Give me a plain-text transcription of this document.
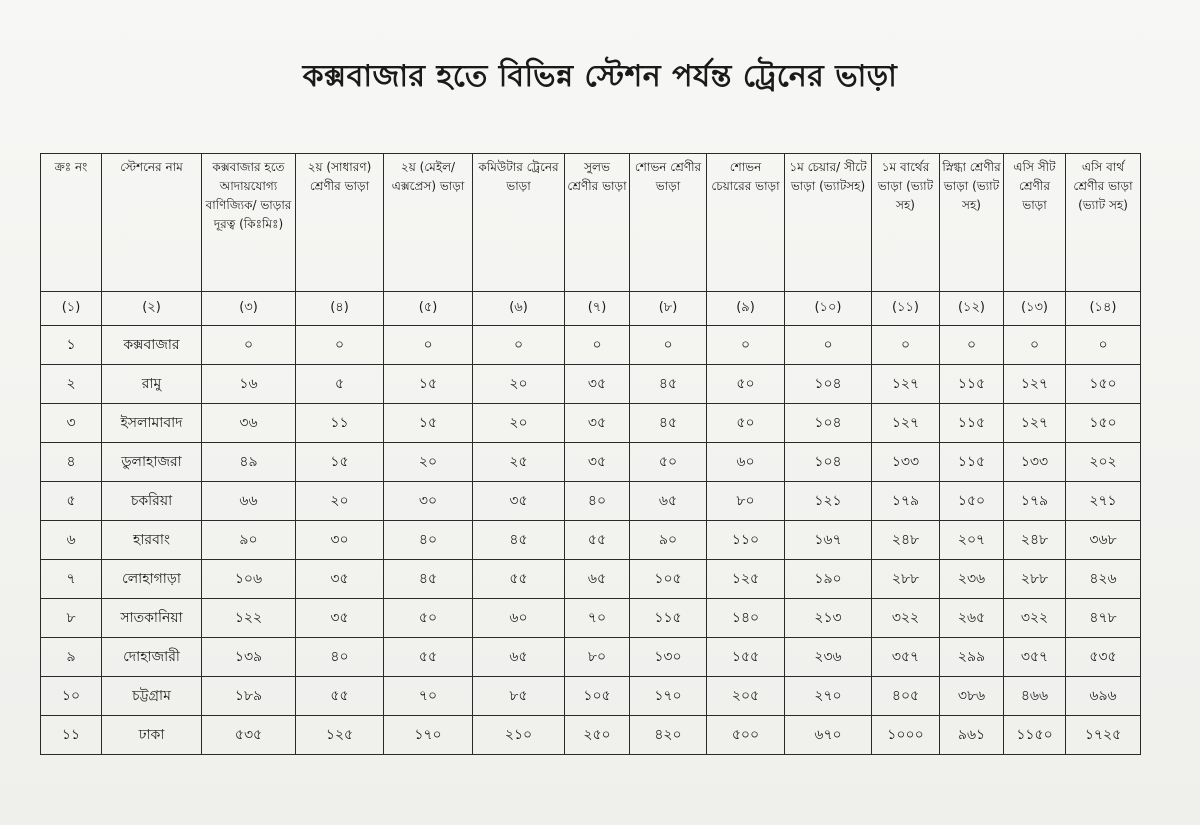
কক্সবাজার হতে বিভিন্ন স্টেশন পর্যন্ত ট্রেনের ভাড়া
ক্রঃ নং	স্টেশনের নাম	কক্সবাজার হতে আদায়যোগ্য বাণিজ্যিক/ ভাড়ার দূরত্ব (কিঃমিঃ)	২য় (সাধারণ) শ্রেণীর ভাড়া	২য় (মেইল/ এক্সপ্রেস) ভাড়া	কমিউটার ট্রেনের ভাড়া	সুলভ শ্রেণীর ভাড়া	শোভন শ্রেণীর ভাড়া	শোভন চেয়ারের ভাড়া	১ম চেয়ার/ সীটে ভাড়া (ভ্যাটসহ)	১ম বার্থের ভাড়া (ভ্যাট সহ)	স্নিগ্ধা শ্রেণীর ভাড়া (ভ্যাট সহ)	এসি সীট শ্রেণীর ভাড়া	এসি বার্থ শ্রেণীর ভাড়া (ভ্যাট সহ)
(১)	(২)	(৩)	(৪)	(৫)	(৬)	(৭)	(৮)	(৯)	(১০)	(১১)	(১২)	(১৩)	(১৪)
১	কক্সবাজার	০	০	০	০	০	০	০	০	০	০	০	০
২	রামু	১৬	৫	১৫	২০	৩৫	৪৫	৫০	১০৪	১২৭	১১৫	১২৭	১৫০
৩	ইসলামাবাদ	৩৬	১১	১৫	২০	৩৫	৪৫	৫০	১০৪	১২৭	১১৫	১২৭	১৫০
৪	ডুলাহাজরা	৪৯	১৫	২০	২৫	৩৫	৫০	৬০	১০৪	১৩৩	১১৫	১৩৩	২০২
৫	চকরিয়া	৬৬	২০	৩০	৩৫	৪০	৬৫	৮০	১২১	১৭৯	১৫০	১৭৯	২৭১
৬	হারবাং	৯০	৩০	৪০	৪৫	৫৫	৯০	১১০	১৬৭	২৪৮	২০৭	২৪৮	৩৬৮
৭	লোহাগাড়া	১০৬	৩৫	৪৫	৫৫	৬৫	১০৫	১২৫	১৯০	২৮৮	২৩৬	২৮৮	৪২৬
৮	সাতকানিয়া	১২২	৩৫	৫০	৬০	৭০	১১৫	১৪০	২১৩	৩২২	২৬৫	৩২২	৪৭৮
৯	দোহাজারী	১৩৯	৪০	৫৫	৬৫	৮০	১৩০	১৫৫	২৩৬	৩৫৭	২৯৯	৩৫৭	৫৩৫
১০	চট্টগ্রাম	১৮৯	৫৫	৭০	৮৫	১০৫	১৭০	২০৫	২৭০	৪০৫	৩৮৬	৪৬৬	৬৯৬
১১	ঢাকা	৫৩৫	১২৫	১৭০	২১০	২৫০	৪২০	৫০০	৬৭০	১০০০	৯৬১	১১৫০	১৭২৫
